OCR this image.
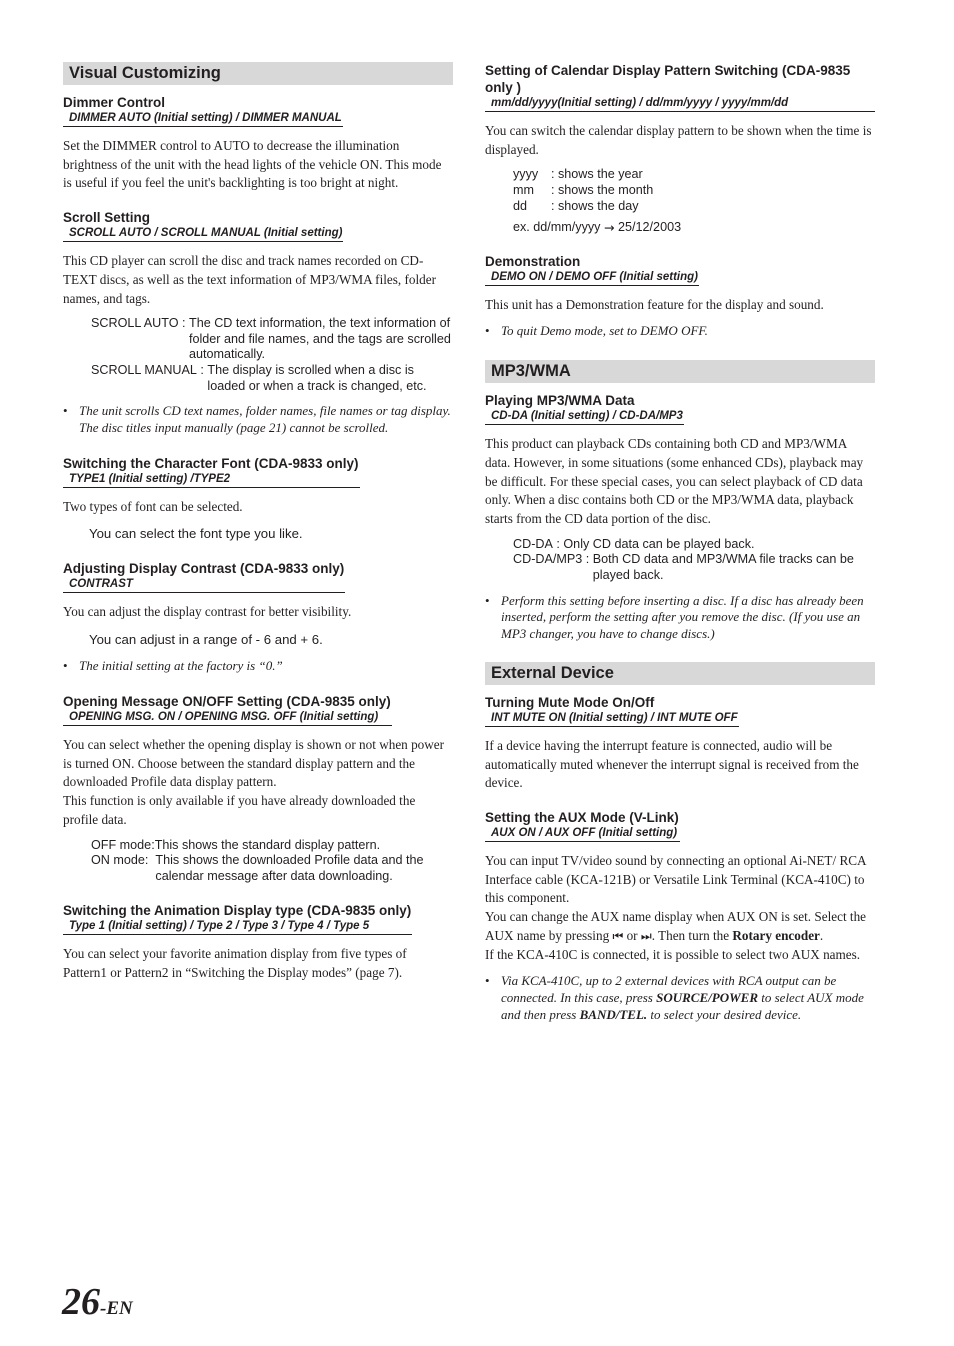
Visual Customizing
Dimmer Control
DIMMER AUTO (Initial setting) / DIMMER MANUAL

Set the DIMMER control to AUTO to decrease the illumination brightness of the unit with the head lights of the vehicle ON. This mode is useful if you feel the unit's backlighting is too bright at night.

Scroll Setting
SCROLL AUTO / SCROLL MANUAL (Initial setting)

This CD player can scroll the disc and track names recorded on CD-TEXT discs, as well as the text information of MP3/WMA files, folder names, and tags.

SCROLL AUTO : The CD text information, the text information of folder and file names, and the tags are scrolled automatically.
SCROLL MANUAL : The display is scrolled when a disc is loaded or when a track is changed, etc.
• The unit scrolls CD text names, folder names, file names or tag display. The disc titles input manually (page 21) cannot be scrolled.
Switching the Character Font (CDA-9833 only)
TYPE1 (Initial setting) /TYPE2

Two types of font can be selected.

You can select the font type you like.
Adjusting Display Contrast (CDA-9833 only)
CONTRAST

You can adjust the display contrast for better visibility.

You can adjust in a range of - 6 and + 6.
• The initial setting at the factory is “0.”
Opening Message ON/OFF Setting (CDA-9835 only)
OPENING MSG. ON / OPENING MSG. OFF (Initial setting)

You can select whether the opening display is shown or not when power is turned ON. Choose between the standard display pattern and the downloaded Profile data display pattern.

This function is only available if you have already downloaded the profile data.

OFF mode : This shows the standard display pattern.
ON mode : This shows the downloaded Profile data and the calendar message after data downloading.
Switching the Animation Display type (CDA-9835 only)
Type 1 (Initial setting) / Type 2 / Type 3 / Type 4 / Type 5

You can select your favorite animation display from five types of Pattern1 or Pattern2 in “Switching the Display modes” (page 7).

Setting of Calendar Display Pattern Switching (CDA-9835 only )
mm/dd/yyyy(Initial setting) / dd/mm/yyyy / yyyy/mm/dd

You can switch the calendar display pattern to be shown when the time is displayed.

yyyy	: shows the year
mm	: shows the month
dd	: shows the day
ex. dd/mm/yyyy → 25/12/2003
Demonstration
DEMO ON / DEMO OFF (Initial setting)

This unit has a Demonstration feature for the display and sound.

• To quit Demo mode, set to DEMO OFF.
MP3/WMA
Playing MP3/WMA Data
CD-DA (Initial setting) / CD-DA/MP3

This product can playback CDs containing both CD and MP3/WMA data. However, in some situations (some enhanced CDs), playback may be difficult. For these special cases, you can select playback of CD data only. When a disc contains both CD or the MP3/WMA data, playback starts from the CD data portion of the disc.

CD-DA : Only CD data can be played back.
CD-DA/MP3 : Both CD data and MP3/WMA file tracks can be played back.
• Perform this setting before inserting a disc. If a disc has already been inserted, perform the setting after you remove the disc. (If you use an MP3 changer, you have to change discs.)
External Device
Turning Mute Mode On/Off
INT MUTE ON (Initial setting) / INT MUTE OFF

If a device having the interrupt feature is connected, audio will be automatically muted whenever the interrupt signal is received from the device.

Setting the AUX Mode (V-Link)
AUX ON / AUX OFF (Initial setting)

You can input TV/video sound by connecting an optional Ai-NET/ RCA Interface cable (KCA-121B) or Versatile Link Terminal (KCA-410C) to this component.

You can change the AUX name display when AUX ON is set. Select the AUX name by pressing ⏮ or ⏭. Then turn the Rotary encoder.

If the KCA-410C is connected, it is possible to select two AUX names.

• Via KCA-410C, up to 2 external devices with RCA output can be connected. In this case, press SOURCE/POWER to select AUX mode and then press BAND/TEL. to select your desired device.
26-EN
